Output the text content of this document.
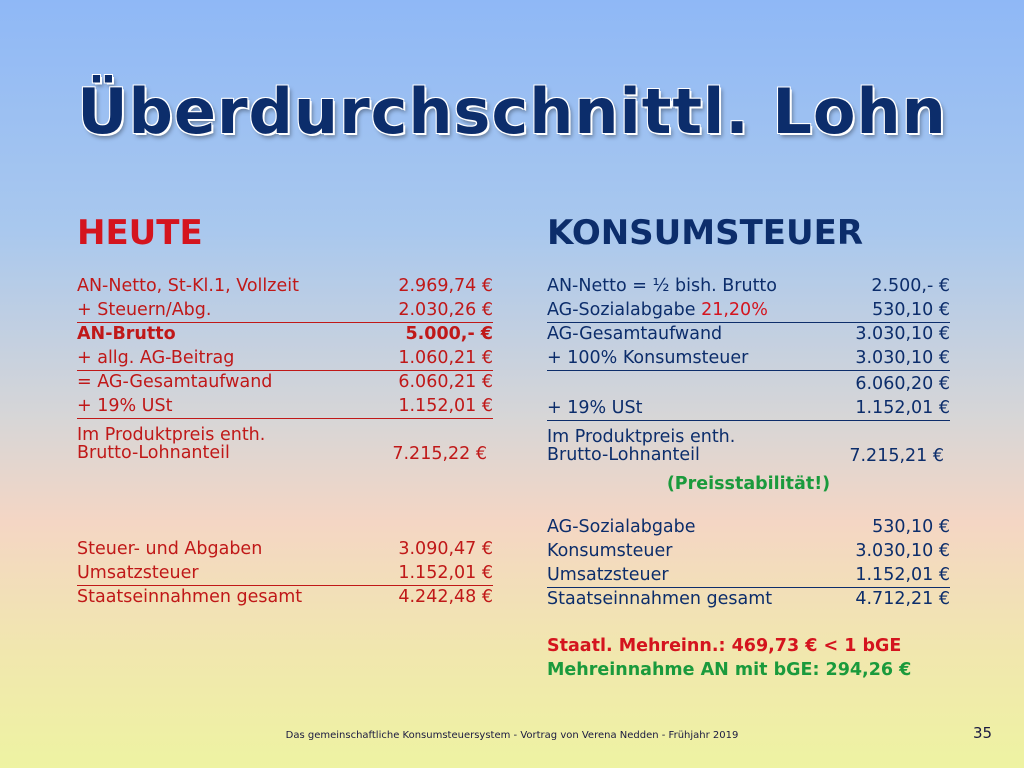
Überdurchschnittl. Lohn
HEUTE
AN-Netto, St-Kl.1, Vollzeit	2.969,74 €
+ Steuern/Abg.	2.030,26 €
AN-Brutto	5.000,- €
+ allg. AG-Beitrag	1.060,21 €
= AG-Gesamtaufwand	6.060,21 €
+ 19% USt	1.152,01 €
Im Produktpreis enth.
Brutto-Lohnanteil	7.215,22 €
Steuer- und Abgaben	3.090,47 €
Umsatzsteuer	1.152,01 €
Staatseinnahmen gesamt	4.242,48 €
KONSUMSTEUER
AN-Netto = ½ bish. Brutto	2.500,- €
AG-Sozialabgabe 21,20%	530,10 €
AG-Gesamtaufwand	3.030,10 €
+ 100% Konsumsteuer	3.030,10 €
6.060,20 €
+ 19% USt	1.152,01 €
Im Produktpreis enth.
Brutto-Lohnanteil	7.215,21 €
(Preisstabilität!)
AG-Sozialabgabe	530,10 €
Konsumsteuer	3.030,10 €
Umsatzsteuer	1.152,01 €
Staatseinnahmen gesamt	4.712,21 €
Staatl. Mehreinn.: 469,73 € < 1 bGE
Mehreinnahme AN mit bGE: 294,26 €
Das gemeinschaftliche Konsumsteuersystem - Vortrag von Verena Nedden - Frühjahr 2019	35
